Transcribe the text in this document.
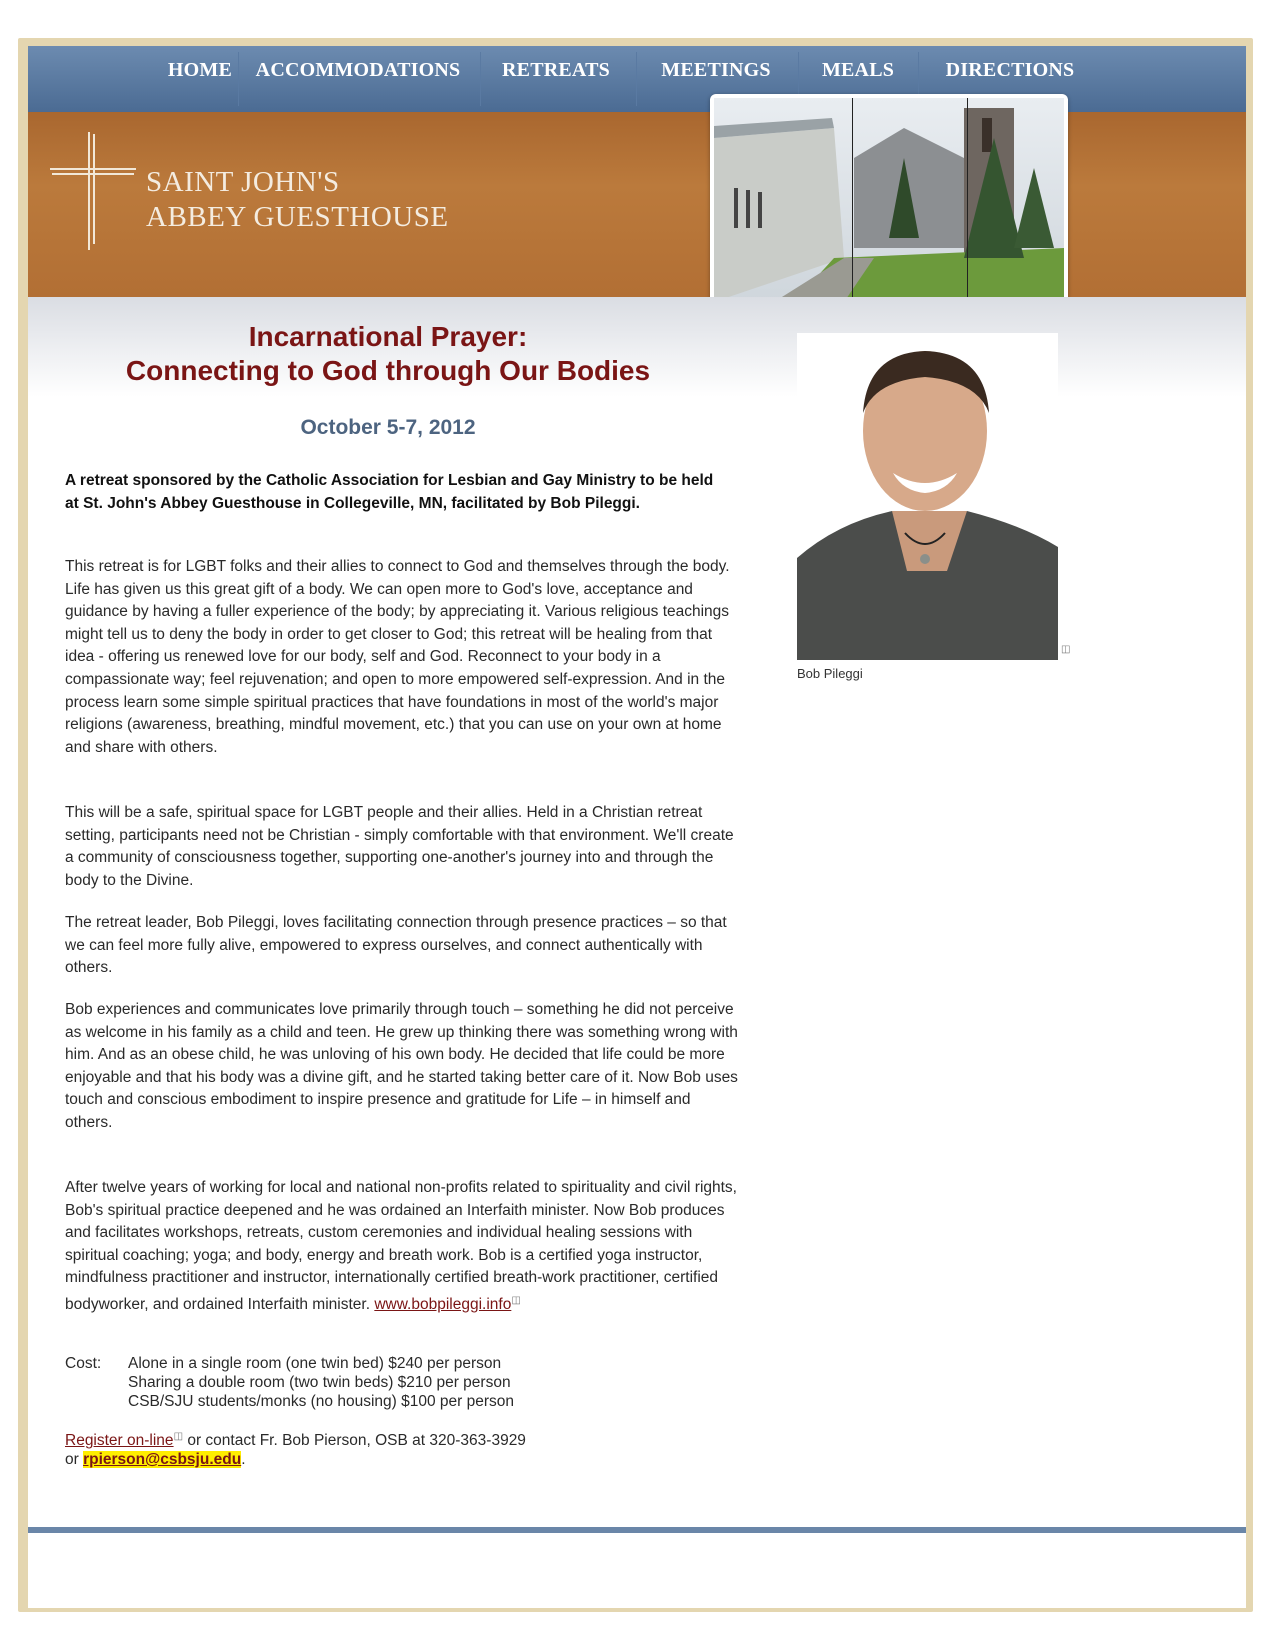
HOME	ACCOMMODATIONS	RETREATS	MEETINGS	MEALS	DIRECTIONS
SAINT JOHN'S
ABBEY GUESTHOUSE
Incarnational Prayer:
Connecting to God through Our Bodies
October 5-7, 2012
A retreat sponsored by the Catholic Association for Lesbian and Gay Ministry to be held at St. John's Abbey Guesthouse in Collegeville, MN, facilitated by Bob Pileggi.
This retreat is for LGBT folks and their allies to connect to God and themselves through the body. Life has given us this great gift of a body. We can open more to God's love, acceptance and guidance by having a fuller experience of the body; by appreciating it. Various religious teachings might tell us to deny the body in order to get closer to God; this retreat will be healing from that idea - offering us renewed love for our body, self and God. Reconnect to your body in a compassionate way; feel rejuvenation; and open to more empowered self-expression. And in the process learn some simple spiritual practices that have foundations in most of the world's major religions (awareness, breathing, mindful movement, etc.) that you can use on your own at home and share with others.
This will be a safe, spiritual space for LGBT people and their allies. Held in a Christian retreat setting, participants need not be Christian - simply comfortable with that environment. We'll create a community of consciousness together, supporting one-another's journey into and through the body to the Divine.
The retreat leader, Bob Pileggi, loves facilitating connection through presence practices – so that we can feel more fully alive, empowered to express ourselves, and connect authentically with others.
Bob experiences and communicates love primarily through touch – something he did not perceive as welcome in his family as a child and teen. He grew up thinking there was something wrong with him. And as an obese child, he was unloving of his own body. He decided that life could be more enjoyable and that his body was a divine gift, and he started taking better care of it. Now Bob uses touch and conscious embodiment to inspire presence and gratitude for Life – in himself and others.
After twelve years of working for local and national non-profits related to spirituality and civil rights, Bob's spiritual practice deepened and he was ordained an Interfaith minister. Now Bob produces and facilitates workshops, retreats, custom ceremonies and individual healing sessions with spiritual coaching; yoga; and body, energy and breath work. Bob is a certified yoga instructor, mindfulness practitioner and instructor, internationally certified breath-work practitioner, certified bodyworker, and ordained Interfaith minister. www.bobpileggi.info◫
Cost: Alone in a single room (one twin bed) $240 per person
Sharing a double room (two twin beds) $210 per person
CSB/SJU students/monks (no housing) $100 per person
Register on-line◫ or contact Fr. Bob Pierson, OSB at 320-363-3929
or rpierson@csbsju.edu.
◫
Bob Pileggi
